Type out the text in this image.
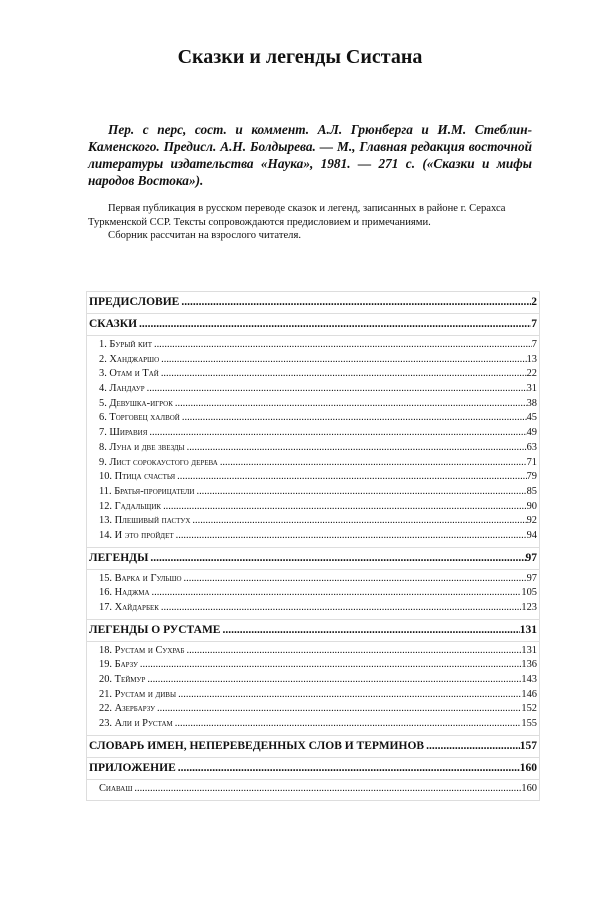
Сказки и легенды Систана

Пер. с перс, сост. и коммент. А.Л. Грюнберга и И.М. Стеблин-Каменского. Предисл. А.Н. Болдырева. — М., Главная редакция восточной литературы издательства «Наука», 1981. — 271 с. («Сказки и мифы народов Востока»).

Первая публикация в русском переводе сказок и легенд, записанных в районе г. Серахса Туркменской ССР. Тексты сопровождаются предисловием и примечаниями.

Сборник рассчитан на взрослого читателя.

ПРЕДИСЛОВИЕ .....	2
СКАЗКИ .....	7
1. Бурый кит .....	7
2. Ханджаршо .....	13
3. Отам и Тай .....	22
4. Ландаур .....	31
5. Девушка-игрок .....	38
6. Торговец халвой .....	45
7. Ширавия .....	49
8. Луна и две звезды .....	63
9. Лист сорокаустого дерева .....	71
10. Птица счастья .....	79
11. Братья-прорицатели .....	85
12. Гадальщик .....	90
13. Плешивый пастух .....	92
14. И это пройдет .....	94
ЛЕГЕНДЫ .....	97
15. Варка и Гульшо .....	97
16. Наджма .....	105
17. Хайдарбек .....	123
ЛЕГЕНДЫ О РУСТАМЕ .....	131
18. Рустам и Сухраб .....	131
19. Барзу .....	136
20. Теймур .....	143
21. Рустам и дивы .....	146
22. Азербарзу .....	152
23. Али и Рустам .....	155
СЛОВАРЬ ИМЕН, НЕПЕРЕВЕДЕННЫХ СЛОВ И ТЕРМИНОВ .....	157
ПРИЛОЖЕНИЕ .....	160
Сиаваш .....	160
